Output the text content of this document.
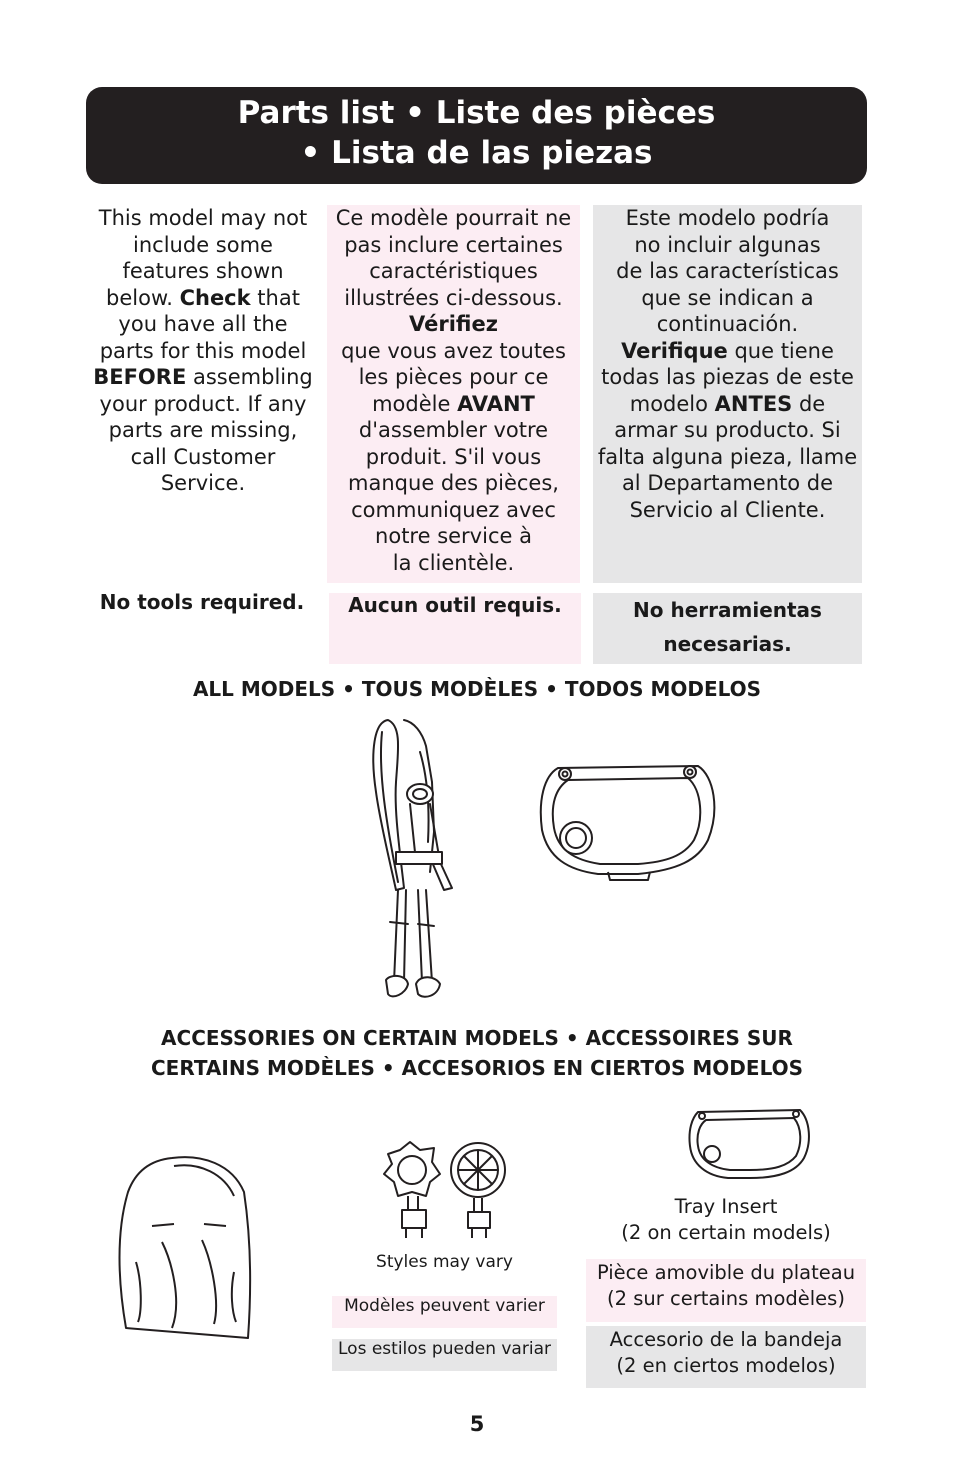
Parts list • Liste des pièces
• Lista de las piezas
This model may not
include some
features shown
below. Check that
you have all the
parts for this model
BEFORE assembling
your product. If any
parts are missing,
call Customer
Service.
Ce modèle pourrait ne
pas inclure certaines
caractéristiques
illustrées ci-dessous.
Vérifiez
que vous avez toutes
les pièces pour ce
modèle AVANT
d'assembler votre
produit. S'il vous
manque des pièces,
communiquez avec
notre service à
la clientèle.
Este modelo podría
no incluir algunas
de las características
que se indican a
continuación.
Verifique que tiene
todas las piezas de este
modelo ANTES de
armar su producto. Si
falta alguna pieza, llame
al Departamento de
Servicio al Cliente.
No tools required.	Aucun outil requis.	No herramientas
necesarias.
ALL MODELS • TOUS MODÈLES • TODOS MODELOS
ACCESSORIES ON CERTAIN MODELS • ACCESSOIRES SUR
CERTAINS MODÈLES • ACCESORIOS EN CIERTOS MODELOS
Styles may vary
Modèles peuvent varier
Los estilos pueden variar
Tray Insert
(2 on certain models)
Pièce amovible du plateau
(2 sur certains modèles)
Accesorio de la bandeja
(2 en ciertos modelos)
5
